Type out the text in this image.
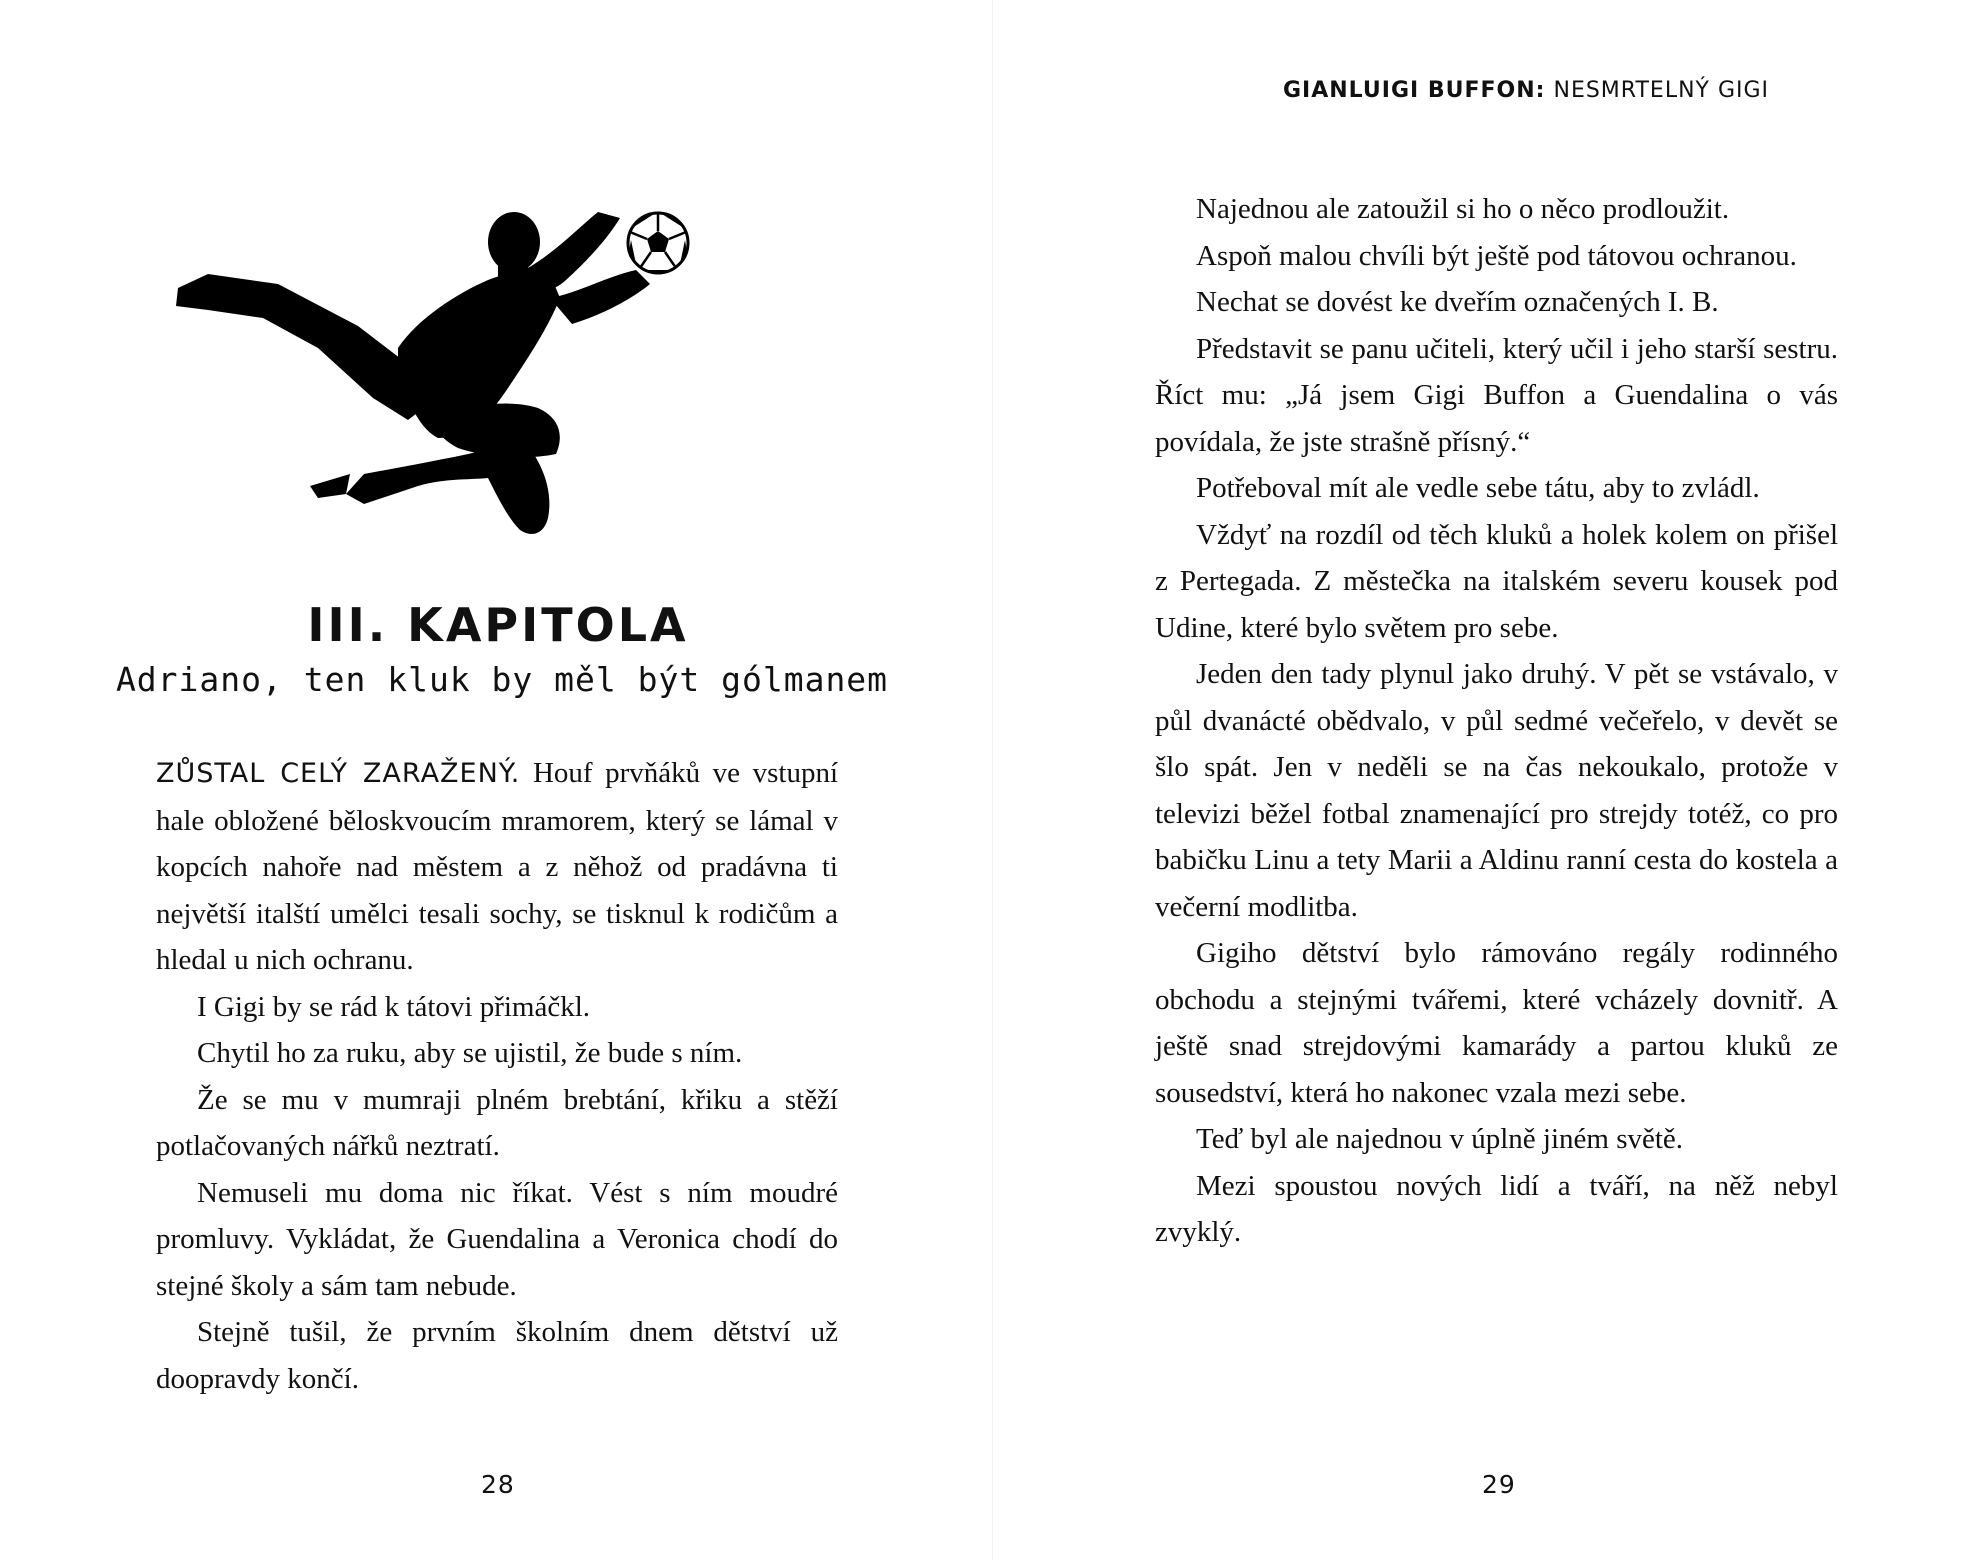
III. KAPITOLA
Adriano, ten kluk by měl být gólmanem

ZŮSTAL CELÝ ZARAŽENÝ. Houf prvňáků ve vstupní hale obložené běloskvoucím mramorem, který se lámal v kopcích nahoře nad městem a z něhož od pradávna ti největší italští umělci tesali sochy, se tisknul k rodičům a hledal u nich ochranu.

I Gigi by se rád k tátovi přimáčkl.

Chytil ho za ruku, aby se ujistil, že bude s ním.

Že se mu v mumraji plném brebtání, křiku a stěží potlačovaných nářků neztratí.

Nemuseli mu doma nic říkat. Vést s ním moudré promluvy. Vykládat, že Guendalina a Veronica chodí do stejné školy a sám tam nebude.

Stejně tušil, že prvním školním dnem dětství už doopravdy končí.

28
GIANLUIGI BUFFON: NESMRTELNÝ GIGI

Najednou ale zatoužil si ho o něco prodloužit.

Aspoň malou chvíli být ještě pod tátovou ochranou.

Nechat se dovést ke dveřím označených I. B.

Představit se panu učiteli, který učil i jeho starší sestru. Říct mu: „Já jsem Gigi Buffon a Guendalina o vás povídala, že jste strašně přísný.“

Potřeboval mít ale vedle sebe tátu, aby to zvládl.

Vždyť na rozdíl od těch kluků a holek kolem on přišel z Pertegada. Z městečka na italském severu kousek pod Udine, které bylo světem pro sebe.

Jeden den tady plynul jako druhý. V pět se vstávalo, v půl dvanácté obědvalo, v půl sedmé večeřelo, v devět se šlo spát. Jen v neděli se na čas nekoukalo, protože v televizi běžel fotbal znamenající pro strejdy totéž, co pro babičku Linu a tety Marii a Aldinu ranní cesta do kostela a večerní modlitba.

Gigiho dětství bylo rámováno regály rodinného obchodu a stejnými tvářemi, které vcházely dovnitř. A ještě snad strejdovými kamarády a partou kluků ze sousedství, která ho nakonec vzala mezi sebe.

Teď byl ale najednou v úplně jiném světě.

Mezi spoustou nových lidí a tváří, na něž nebyl zvyklý.

29
